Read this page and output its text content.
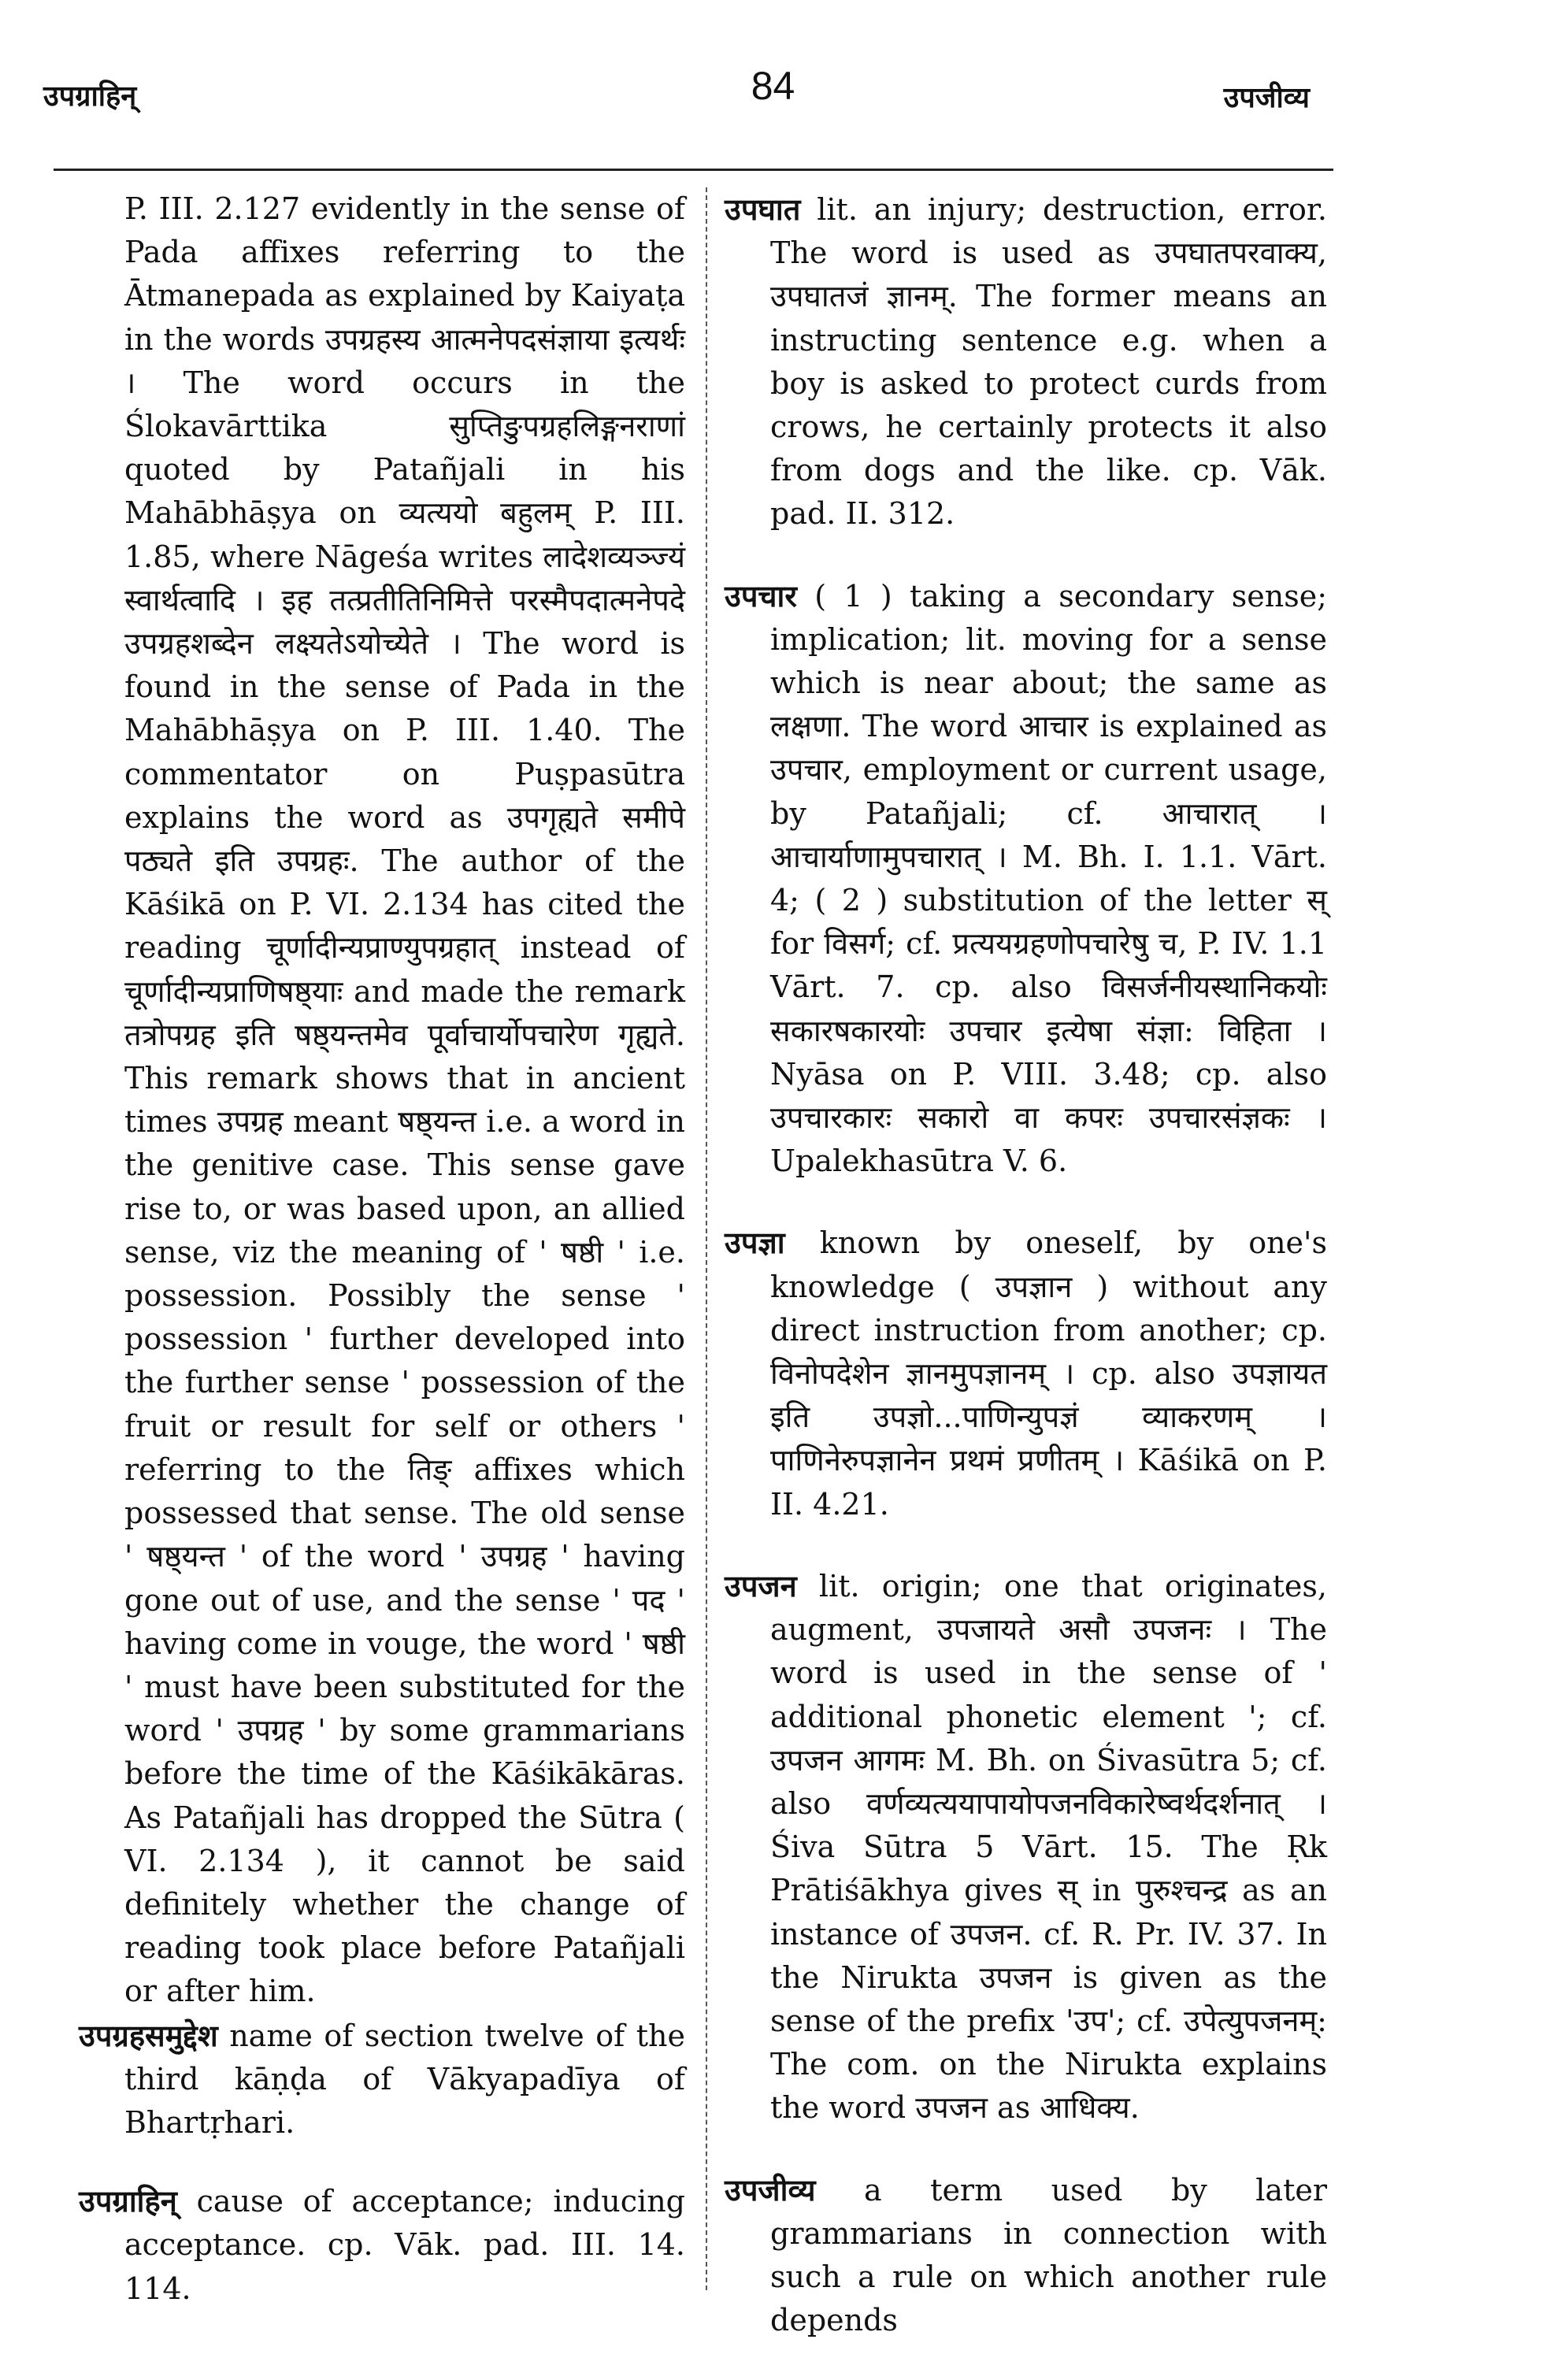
उपग्राहिन्	84	उपजीव्य

P. III. 2.127 evidently in the sense of Pada affixes referring to the Ātmanepada as explained by Kaiyaṭa in the words उपग्रहस्य आत्मनेपदसंज्ञाया इत्यर्थः । The word occurs in the Ślokavārttika सुप्तिङुपग्रहलिङ्गनराणां quoted by Patañjali in his Mahābhāṣya on व्यत्ययो बहुलम् P. III. 1.85, where Nāgeśa writes लादेशव्यञ्ज्यं स्वार्थत्वादि । इह तत्प्रतीतिनिमित्ते परस्मैपदात्मनेपदे उपग्रहशब्देन लक्ष्यतेऽयोच्येते । The word is found in the sense of Pada in the Mahābhāṣya on P. III. 1.40. The commentator on Puṣpasūtra explains the word as उपगृह्यते समीपे पठ्यते इति उपग्रहः. The author of the Kāśikā on P. VI. 2.134 has cited the reading चूर्णादीन्यप्राण्युपग्रहात् instead of चूर्णादीन्यप्राणिषष्ठ्याः and made the remark तत्रोपग्रह इति षष्ठ्यन्तमेव पूर्वाचार्योपचारेण गृह्यते. This remark shows that in ancient times उपग्रह meant षष्ठ्यन्त i.e. a word in the genitive case. This sense gave rise to, or was based upon, an allied sense, viz the meaning of ' षष्ठी ' i.e. possession. Possibly the sense ' possession ' further developed into the further sense ' possession of the fruit or result for self or others ' referring to the तिङ् affixes which possessed that sense. The old sense ' षष्ठ्यन्त ' of the word ' उपग्रह ' having gone out of use, and the sense ' पद ' having come in vouge, the word ' षष्ठी ' must have been substituted for the word ' उपग्रह ' by some grammarians before the time of the Kāśikākāras. As Patañjali has dropped the Sūtra ( VI. 2.134 ), it cannot be said definitely whether the change of reading took place before Patañjali or after him.

उपग्रहसमुद्देश name of section twelve of the third kāṇḍa of Vākyapadīya of Bhartṛhari.

उपग्राहिन् cause of acceptance; inducing acceptance. cp. Vāk. pad. III. 14. 114.

उपघात lit. an injury; destruction, error. The word is used as उपघातपरवाक्य, उपघातजं ज्ञानम्. The former means an instructing sentence e.g. when a boy is asked to protect curds from crows, he certainly protects it also from dogs and the like. cp. Vāk. pad. II. 312.

उपचार ( 1 ) taking a secondary sense; implication; lit. moving for a sense which is near about; the same as लक्षणा. The word आचार is explained as उपचार, employment or current usage, by Patañjali; cf. आचारात् । आचार्याणामुपचारात् । M. Bh. I. 1.1. Vārt. 4; ( 2 ) substitution of the letter स् for विसर्ग; cf. प्रत्ययग्रहणोपचारेषु च, P. IV. 1.1 Vārt. 7. cp. also विसर्जनीयस्थानिकयोः सकारषकारयोः उपचार इत्येषा संज्ञा: विहिता । Nyāsa on P. VIII. 3.48; cp. also उपचारकारः सकारो वा कपरः उपचारसंज्ञकः । Upalekhasūtra V. 6.

उपज्ञा known by oneself, by one's knowledge ( उपज्ञान ) without any direct instruction from another; cp. विनोपदेशेन ज्ञानमुपज्ञानम् । cp. also उपज्ञायत इति उपज्ञो...पाणिन्युपज्ञं व्याकरणम् । पाणिनेरुपज्ञानेन प्रथमं प्रणीतम् । Kāśikā on P. II. 4.21.

उपजन lit. origin; one that originates, augment, उपजायते असौ उपजनः । The word is used in the sense of ' additional phonetic element '; cf. उपजन आगमः M. Bh. on Śivasūtra 5; cf. also वर्णव्यत्ययापायोपजनविकारेष्वर्थदर्शनात् । Śiva Sūtra 5 Vārt. 15. The Ṛk Prātiśākhya gives स् in पुरुश्चन्द्र as an instance of उपजन. cf. R. Pr. IV. 37. In the Nirukta उपजन is given as the sense of the prefix 'उप'; cf. उपेत्युपजनम्: The com. on the Nirukta explains the word उपजन as आधिक्य.

उपजीव्य a term used by later grammarians in connection with such a rule on which another rule depends
